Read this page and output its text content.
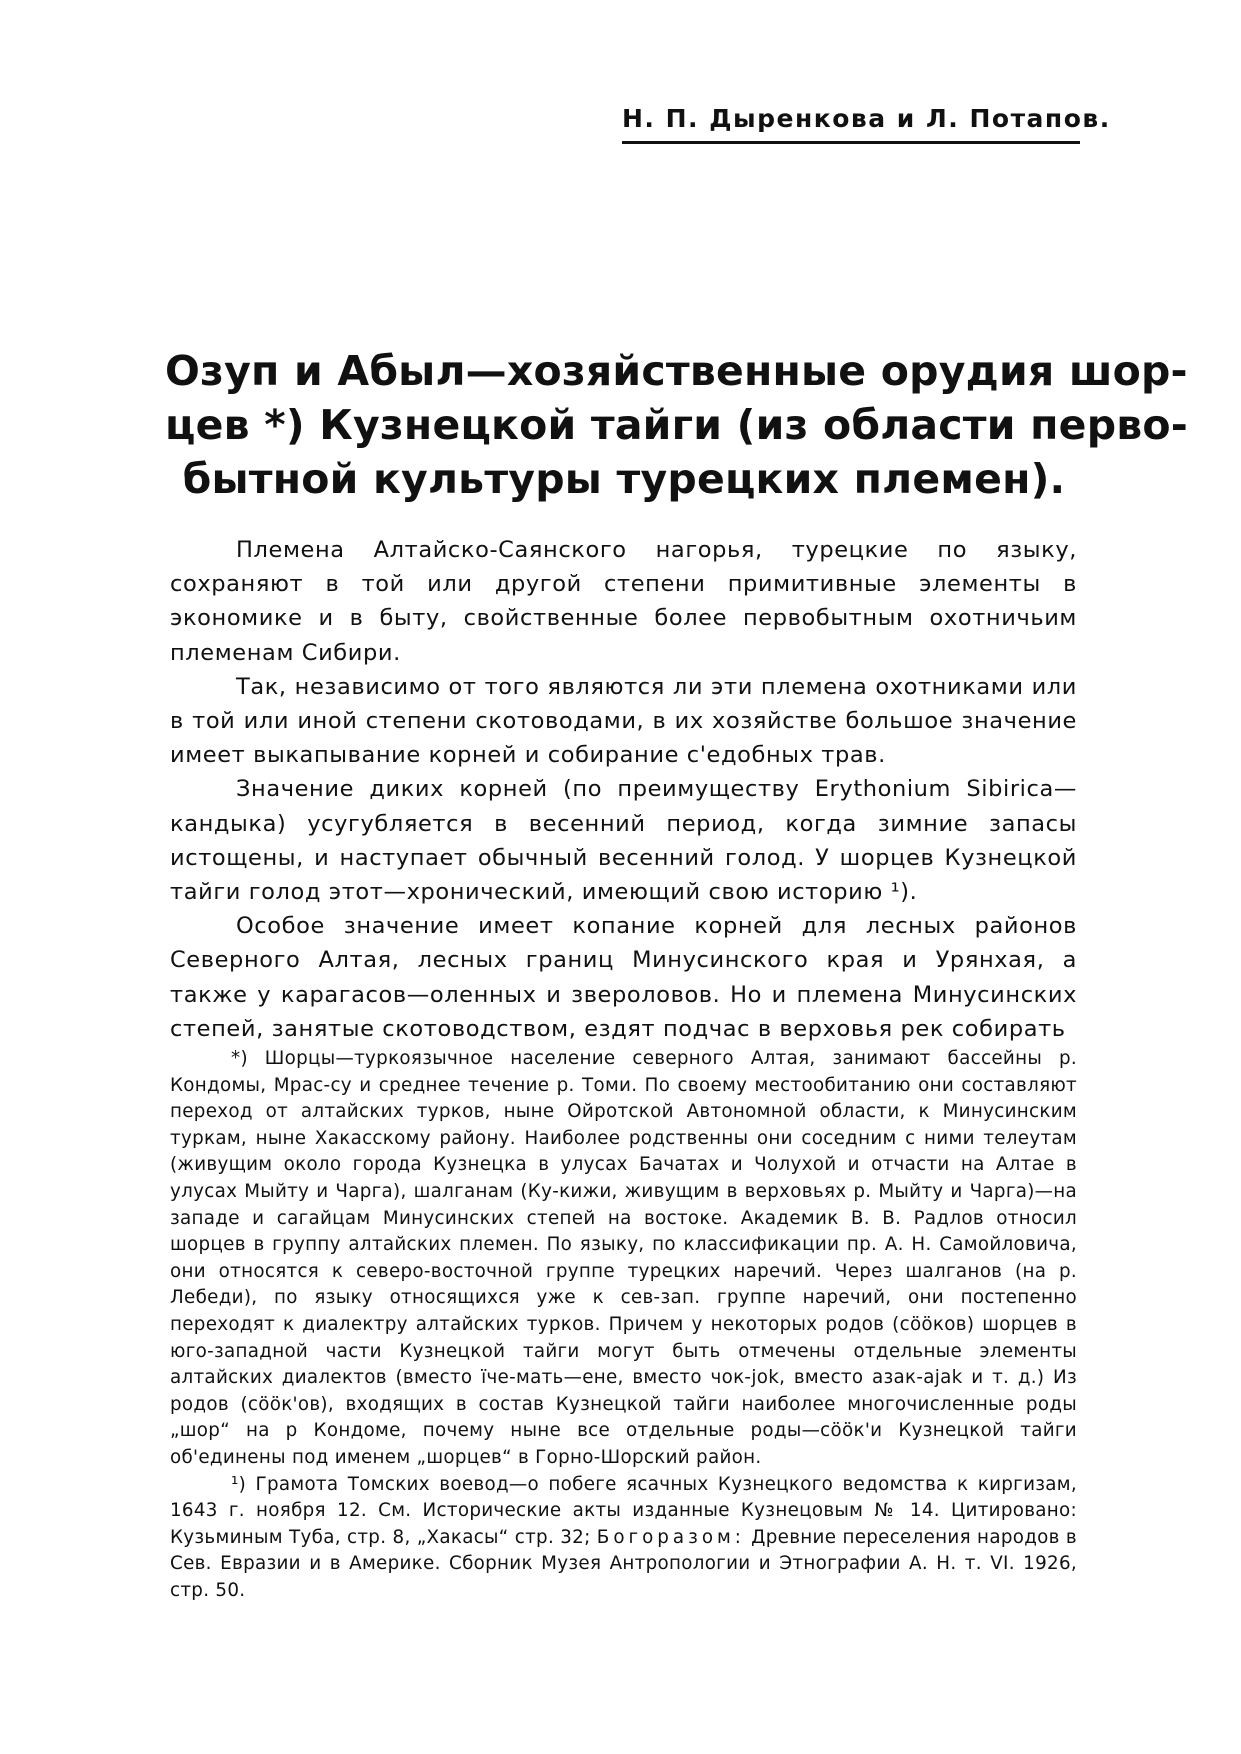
Н. П. Дыренкова и Л. Потапов.
Озуп и Абыл—хозяйственные орудия шор-
цев *) Кузнецкой тайги (из области перво-
бытной культуры турецких племен).

Племена Алтайско-Саянского нагорья, турецкие по языку, сохраняют в той или другой степени примитивные элементы в экономике и в быту, свойственные более первобытным охотничьим племенам Сибири.

Так, независимо от того являются ли эти племена охотниками или в той или иной степени скотоводами, в их хозяйстве большое значение имеет выкапывание корней и собирание с'едобных трав.

Значение диких корней (по преимуществу Erythonium Sibirica—кандыка) усугубляется в весенний период, когда зимние запасы истощены, и наступает обычный весенний голод. У шорцев Кузнецкой тайги голод этот—хронический, имеющий свою историю ¹).

Особое значение имеет копание корней для лесных районов Северного Алтая, лесных границ Минусинского края и Урянхая, а также у карагасов—оленных и звероловов. Но и племена Минусинских степей, занятые скотоводством, ездят подчас в верховья рек собирать

*) Шорцы—туркоязычное население северного Алтая, занимают бассейны р. Кондомы, Мрас-су и среднее течение р. Томи. По своему местообитанию они составляют переход от алтайских турков, ныне Ойротской Автономной области, к Минусинским туркам, ныне Хакасскому району. Наиболее родственны они соседним с ними телеутам (живущим около города Кузнецка в улусах Бачатах и Чолухой и отчасти на Алтае в улусах Мыйту и Чарга), шалганам (Ку-кижи, живущим в верховьях р. Мыйту и Чарга)—на западе и сагайцам Минусинских степей на востоке. Академик В. В. Радлов относил шорцев в группу алтайских племен. По языку, по классификации пр. А. Н. Самойловича, они относятся к северо-восточной группе турецких наречий. Через шалганов (на р. Лебеди), по языку относящихся уже к сев-зап. группе наречий, они постепенно переходят к диалектру алтайских турков. Причем у некоторых родов (сööков) шорцев в юго-западной части Кузнецкой тайги могут быть отмечены отдельные элементы алтайских диалектов (вместо ïче-мать—ене, вместо чок-jok, вместо азак-ajak и т. д.) Из родов (сööк'ов), входящих в состав Кузнецкой тайги наиболее многочисленные роды „шор“ на р Кондоме, почему ныне все отдельные роды—сööк'и Кузнецкой тайги об'единены под именем „шорцев“ в Горно-Шорский район.

¹) Грамота Томских воевод—о побеге ясачных Кузнецкого ведомства к киргизам, 1643 г. ноября 12. См. Исторические акты изданные Кузнецовым № 14. Цитировано: Кузьминым Туба, стр. 8, „Хакасы“ стр. 32; Богоразом: Древние переселения народов в Сев. Евразии и в Америке. Сборник Музея Антропологии и Этнографии А. Н. т. VI. 1926, стр. 50.
